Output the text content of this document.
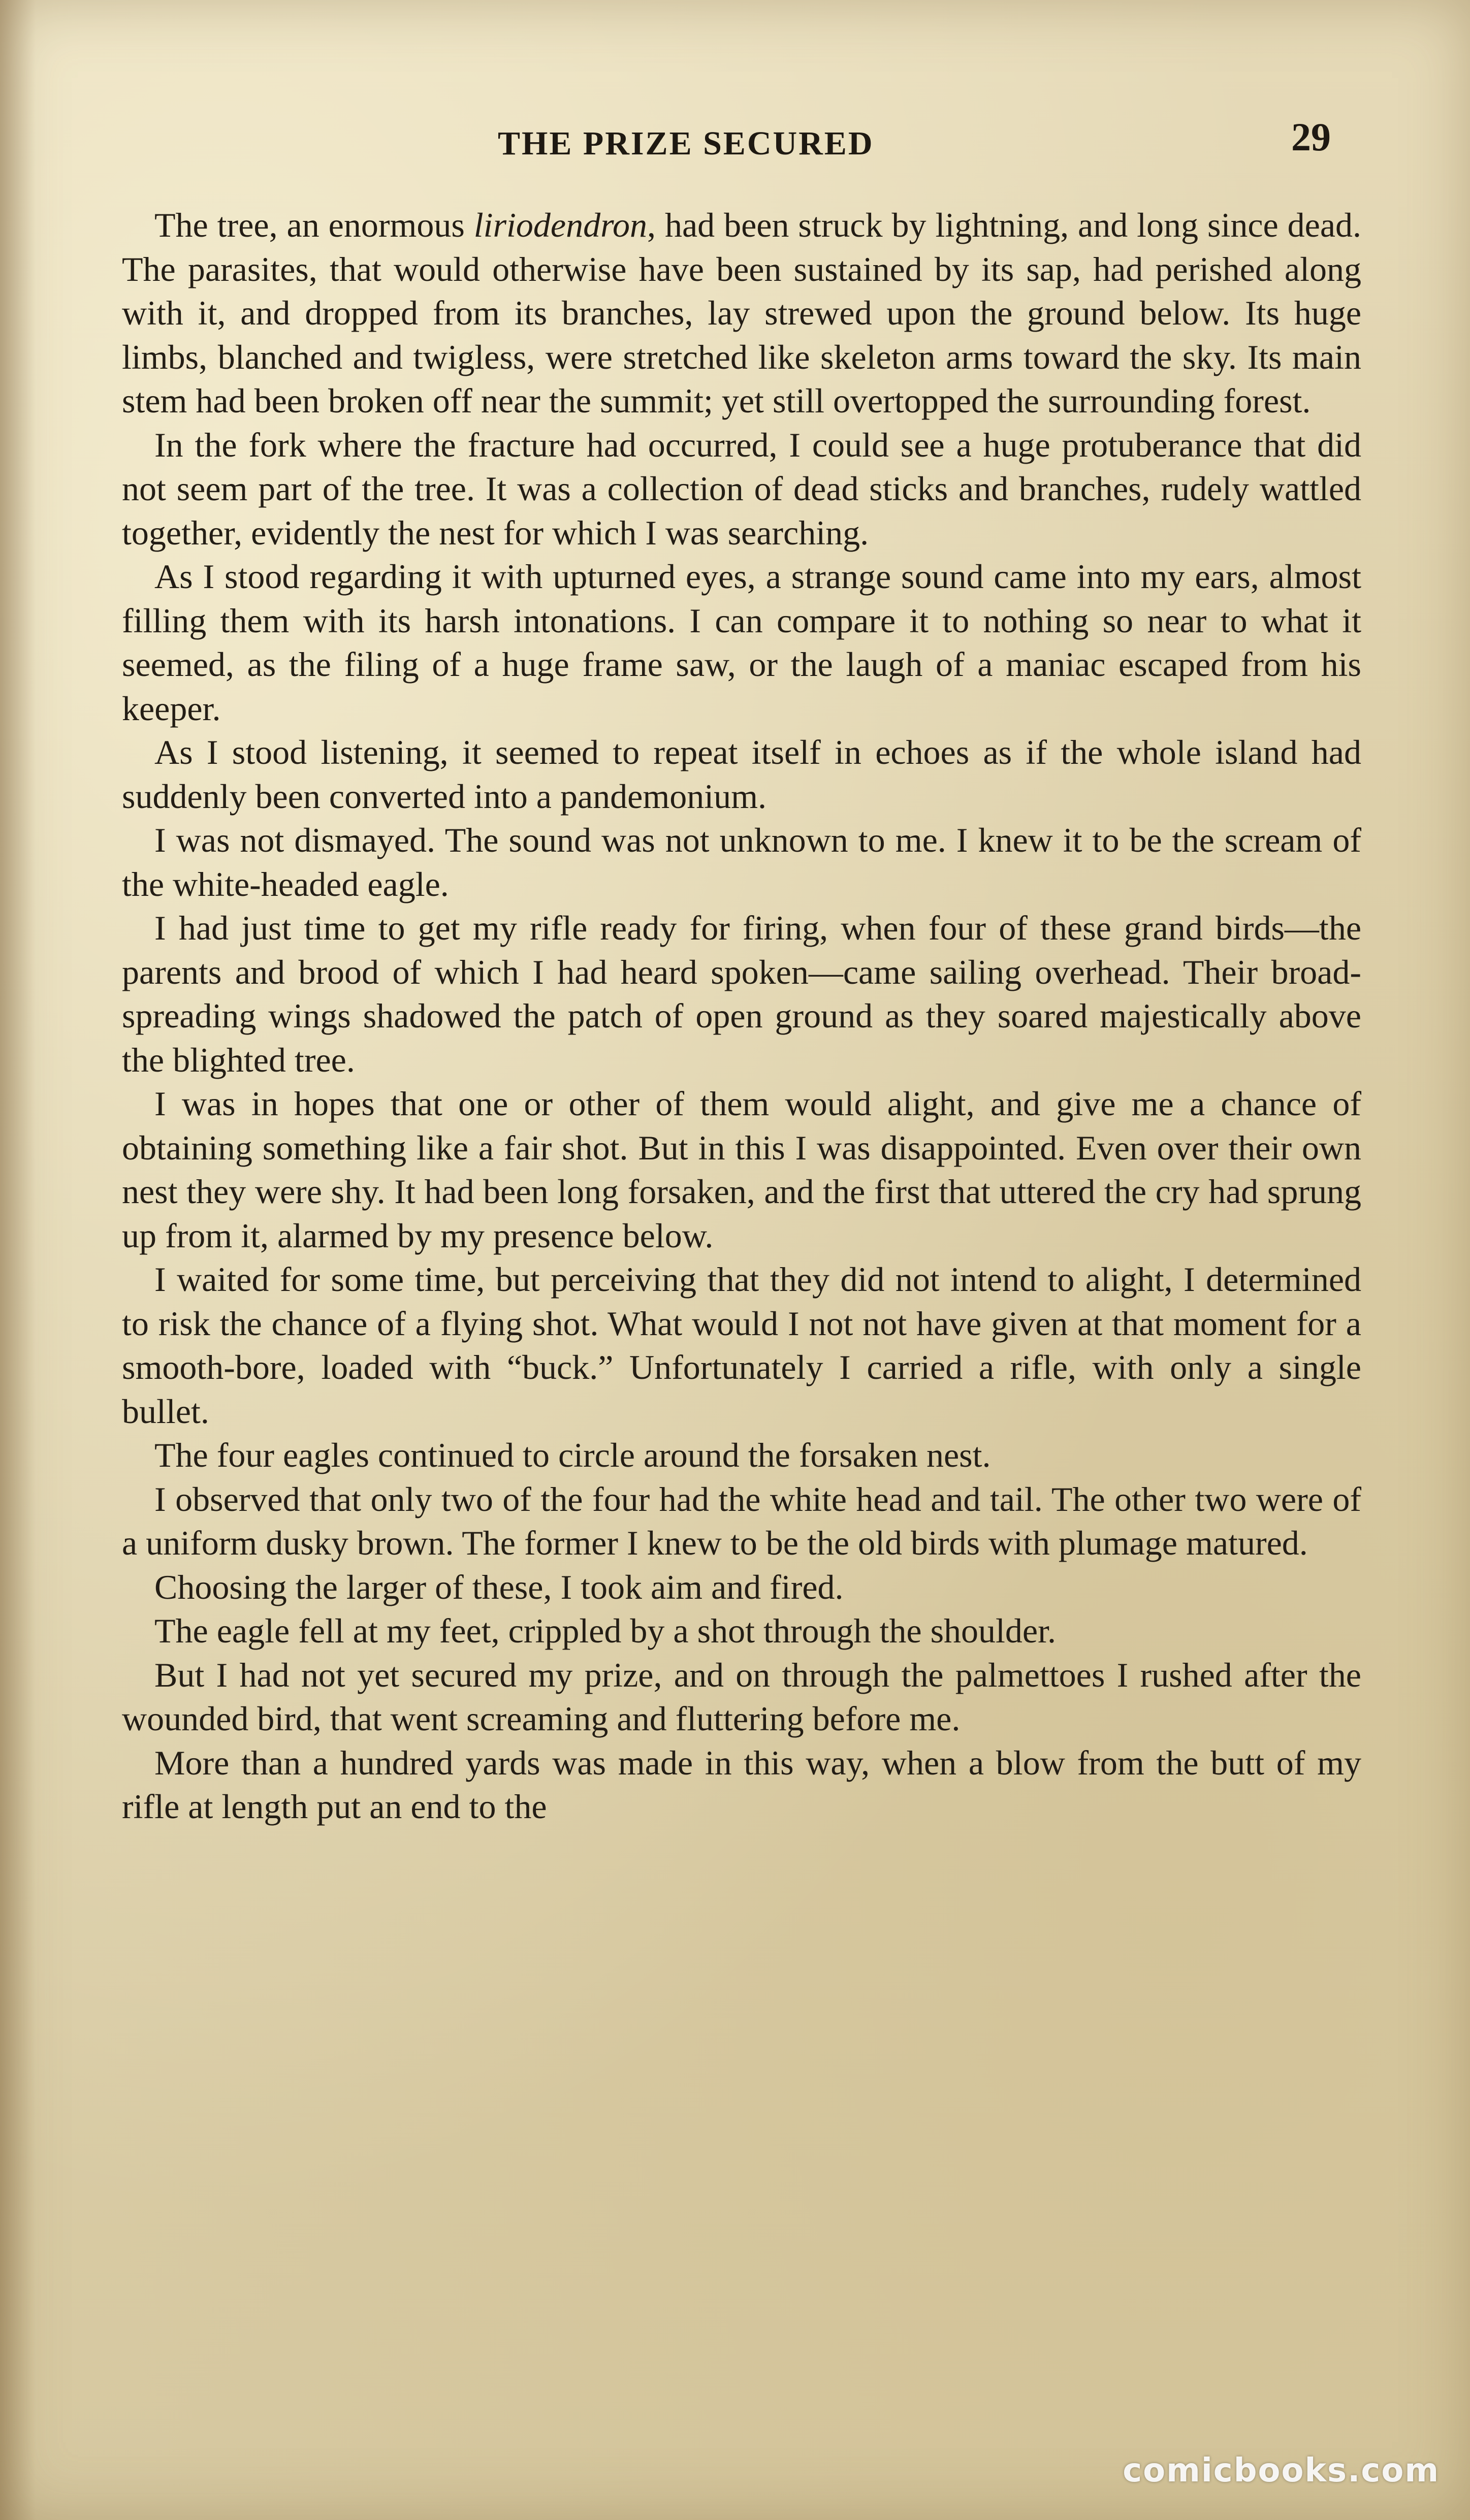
THE PRIZE SECURED	29

The tree, an enormous liriodendron, had been struck by lightning, and long since dead. The parasites, that would otherwise have been sustained by its sap, had perished along with it, and dropped from its branches, lay strewed upon the ground below. Its huge limbs, blanched and twigless, were stretched like skeleton arms toward the sky. Its main stem had been broken off near the summit; yet still overtopped the surrounding forest.

In the fork where the fracture had occurred, I could see a huge protuberance that did not seem part of the tree. It was a collection of dead sticks and branches, rudely wattled together, evidently the nest for which I was searching.

As I stood regarding it with upturned eyes, a strange sound came into my ears, almost filling them with its harsh intonations. I can compare it to nothing so near to what it seemed, as the filing of a huge frame saw, or the laugh of a maniac escaped from his keeper.

As I stood listening, it seemed to repeat itself in echoes as if the whole island had suddenly been converted into a pandemonium.

I was not dismayed. The sound was not unknown to me. I knew it to be the scream of the white-headed eagle.

I had just time to get my rifle ready for firing, when four of these grand birds—the parents and brood of which I had heard spoken—came sailing overhead. Their broad-spreading wings shadowed the patch of open ground as they soared majestically above the blighted tree.

I was in hopes that one or other of them would alight, and give me a chance of obtaining something like a fair shot. But in this I was disappointed. Even over their own nest they were shy. It had been long forsaken, and the first that uttered the cry had sprung up from it, alarmed by my presence below.

I waited for some time, but perceiving that they did not intend to alight, I determined to risk the chance of a flying shot. What would I not not have given at that moment for a smooth-bore, loaded with “buck.” Unfortunately I carried a rifle, with only a single bullet.

The four eagles continued to circle around the forsaken nest.

I observed that only two of the four had the white head and tail. The other two were of a uniform dusky brown. The former I knew to be the old birds with plumage matured.

Choosing the larger of these, I took aim and fired.

The eagle fell at my feet, crippled by a shot through the shoulder.

But I had not yet secured my prize, and on through the palmettoes I rushed after the wounded bird, that went screaming and fluttering before me.

More than a hundred yards was made in this way, when a blow from the butt of my rifle at length put an end to the

comicbooks.com
